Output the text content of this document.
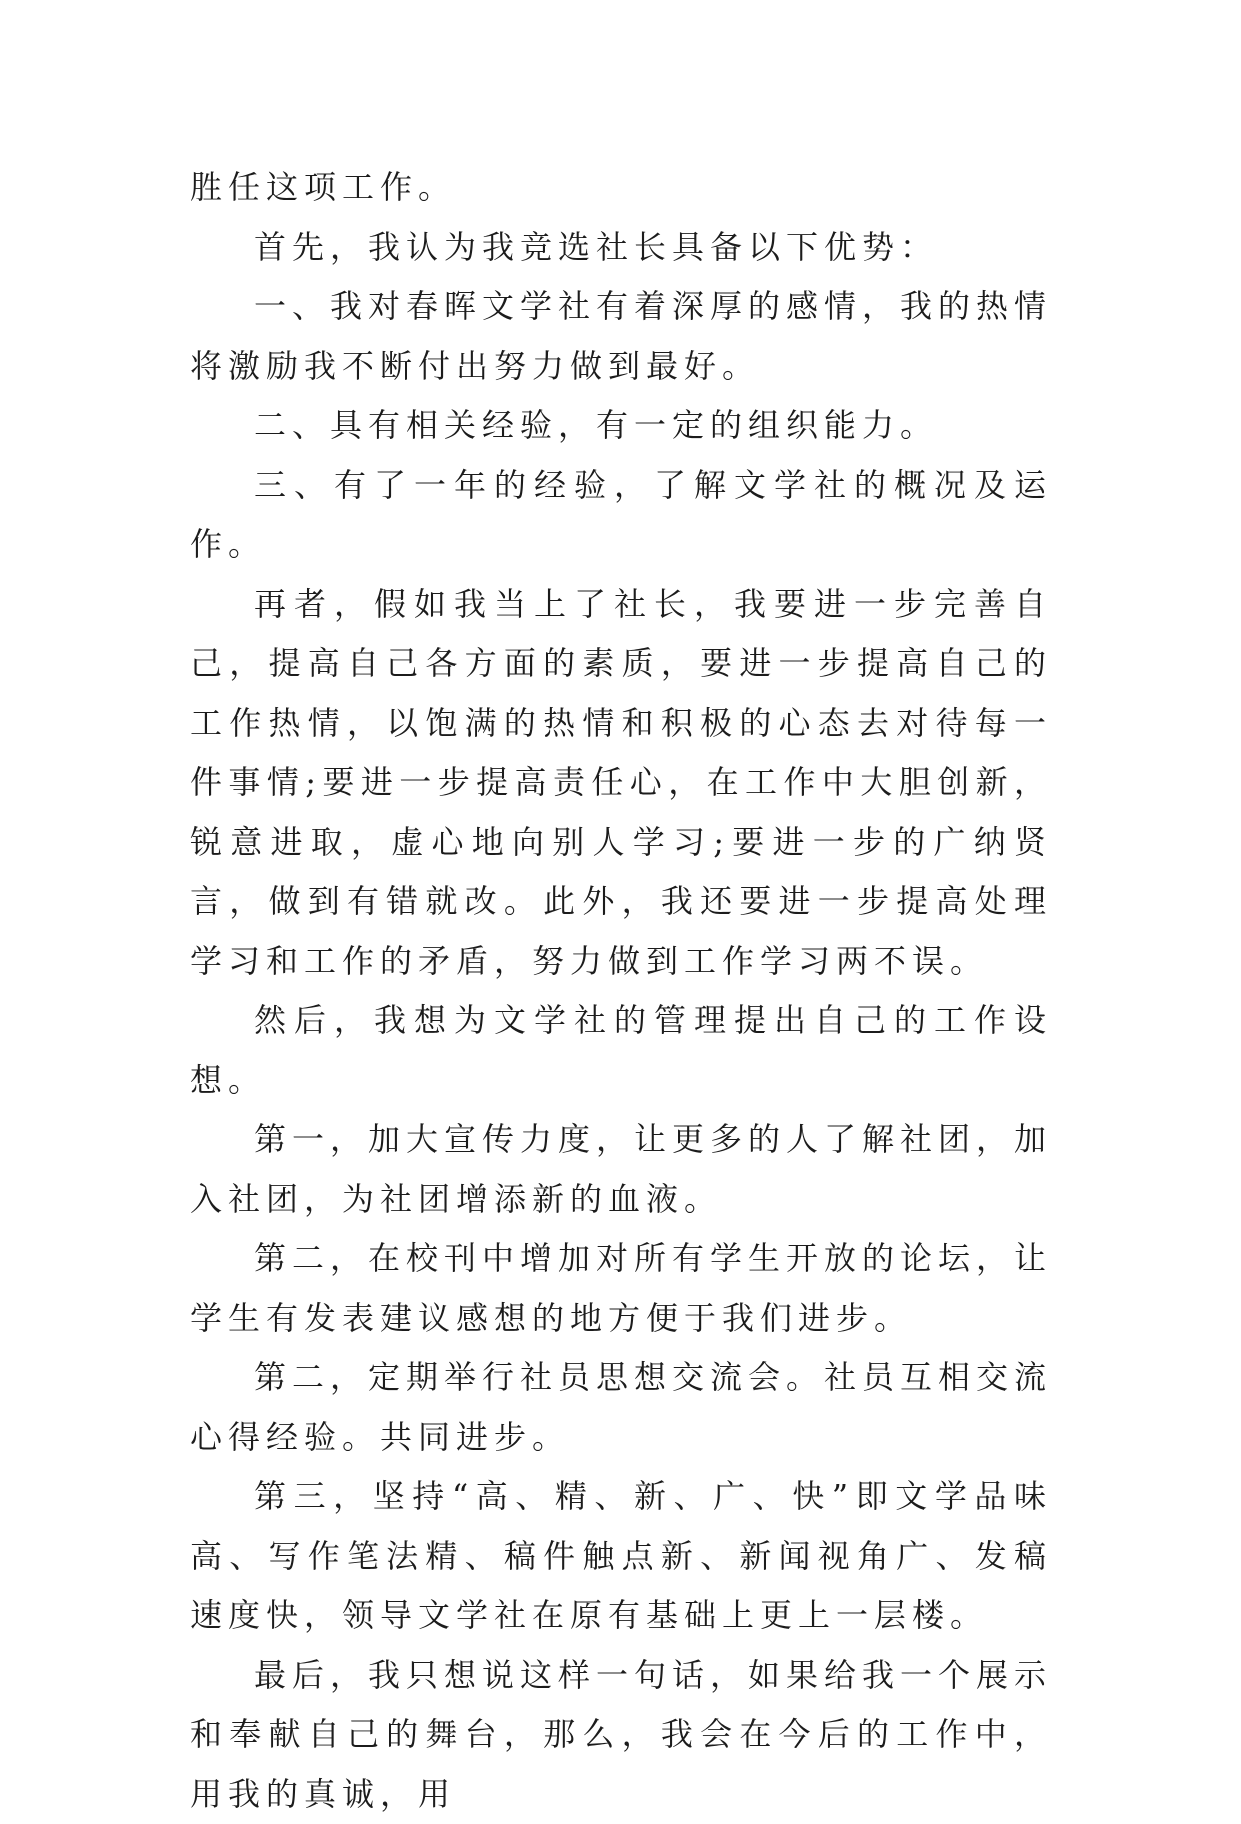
胜任这项工作。

首先，我认为我竞选社长具备以下优势：

一、我对春晖文学社有着深厚的感情，我的热情将激励我不断付出努力做到最好。

二、具有相关经验，有一定的组织能力。

三、有了一年的经验，了解文学社的概况及运作。

再者，假如我当上了社长，我要进一步完善自己，提高自己各方面的素质，要进一步提高自己的工作热情，以饱满的热情和积极的心态去对待每一件事情;要进一步提高责任心，在工作中大胆创新，锐意进取，虚心地向别人学习;要进一步的广纳贤言，做到有错就改。此外，我还要进一步提高处理学习和工作的矛盾，努力做到工作学习两不误。

然后，我想为文学社的管理提出自己的工作设想。

第一，加大宣传力度，让更多的人了解社团，加入社团，为社团增添新的血液。

第二，在校刊中增加对所有学生开放的论坛，让学生有发表建议感想的地方便于我们进步。

第二，定期举行社员思想交流会。社员互相交流心得经验。共同进步。

第三，坚持“高、精、新、广、快”即文学品味高、写作笔法精、稿件触点新、新闻视角广、发稿速度快，领导文学社在原有基础上更上一层楼。

最后，我只想说这样一句话，如果给我一个展示和奉献自己的舞台，那么，我会在今后的工作中，用我的真诚，用
